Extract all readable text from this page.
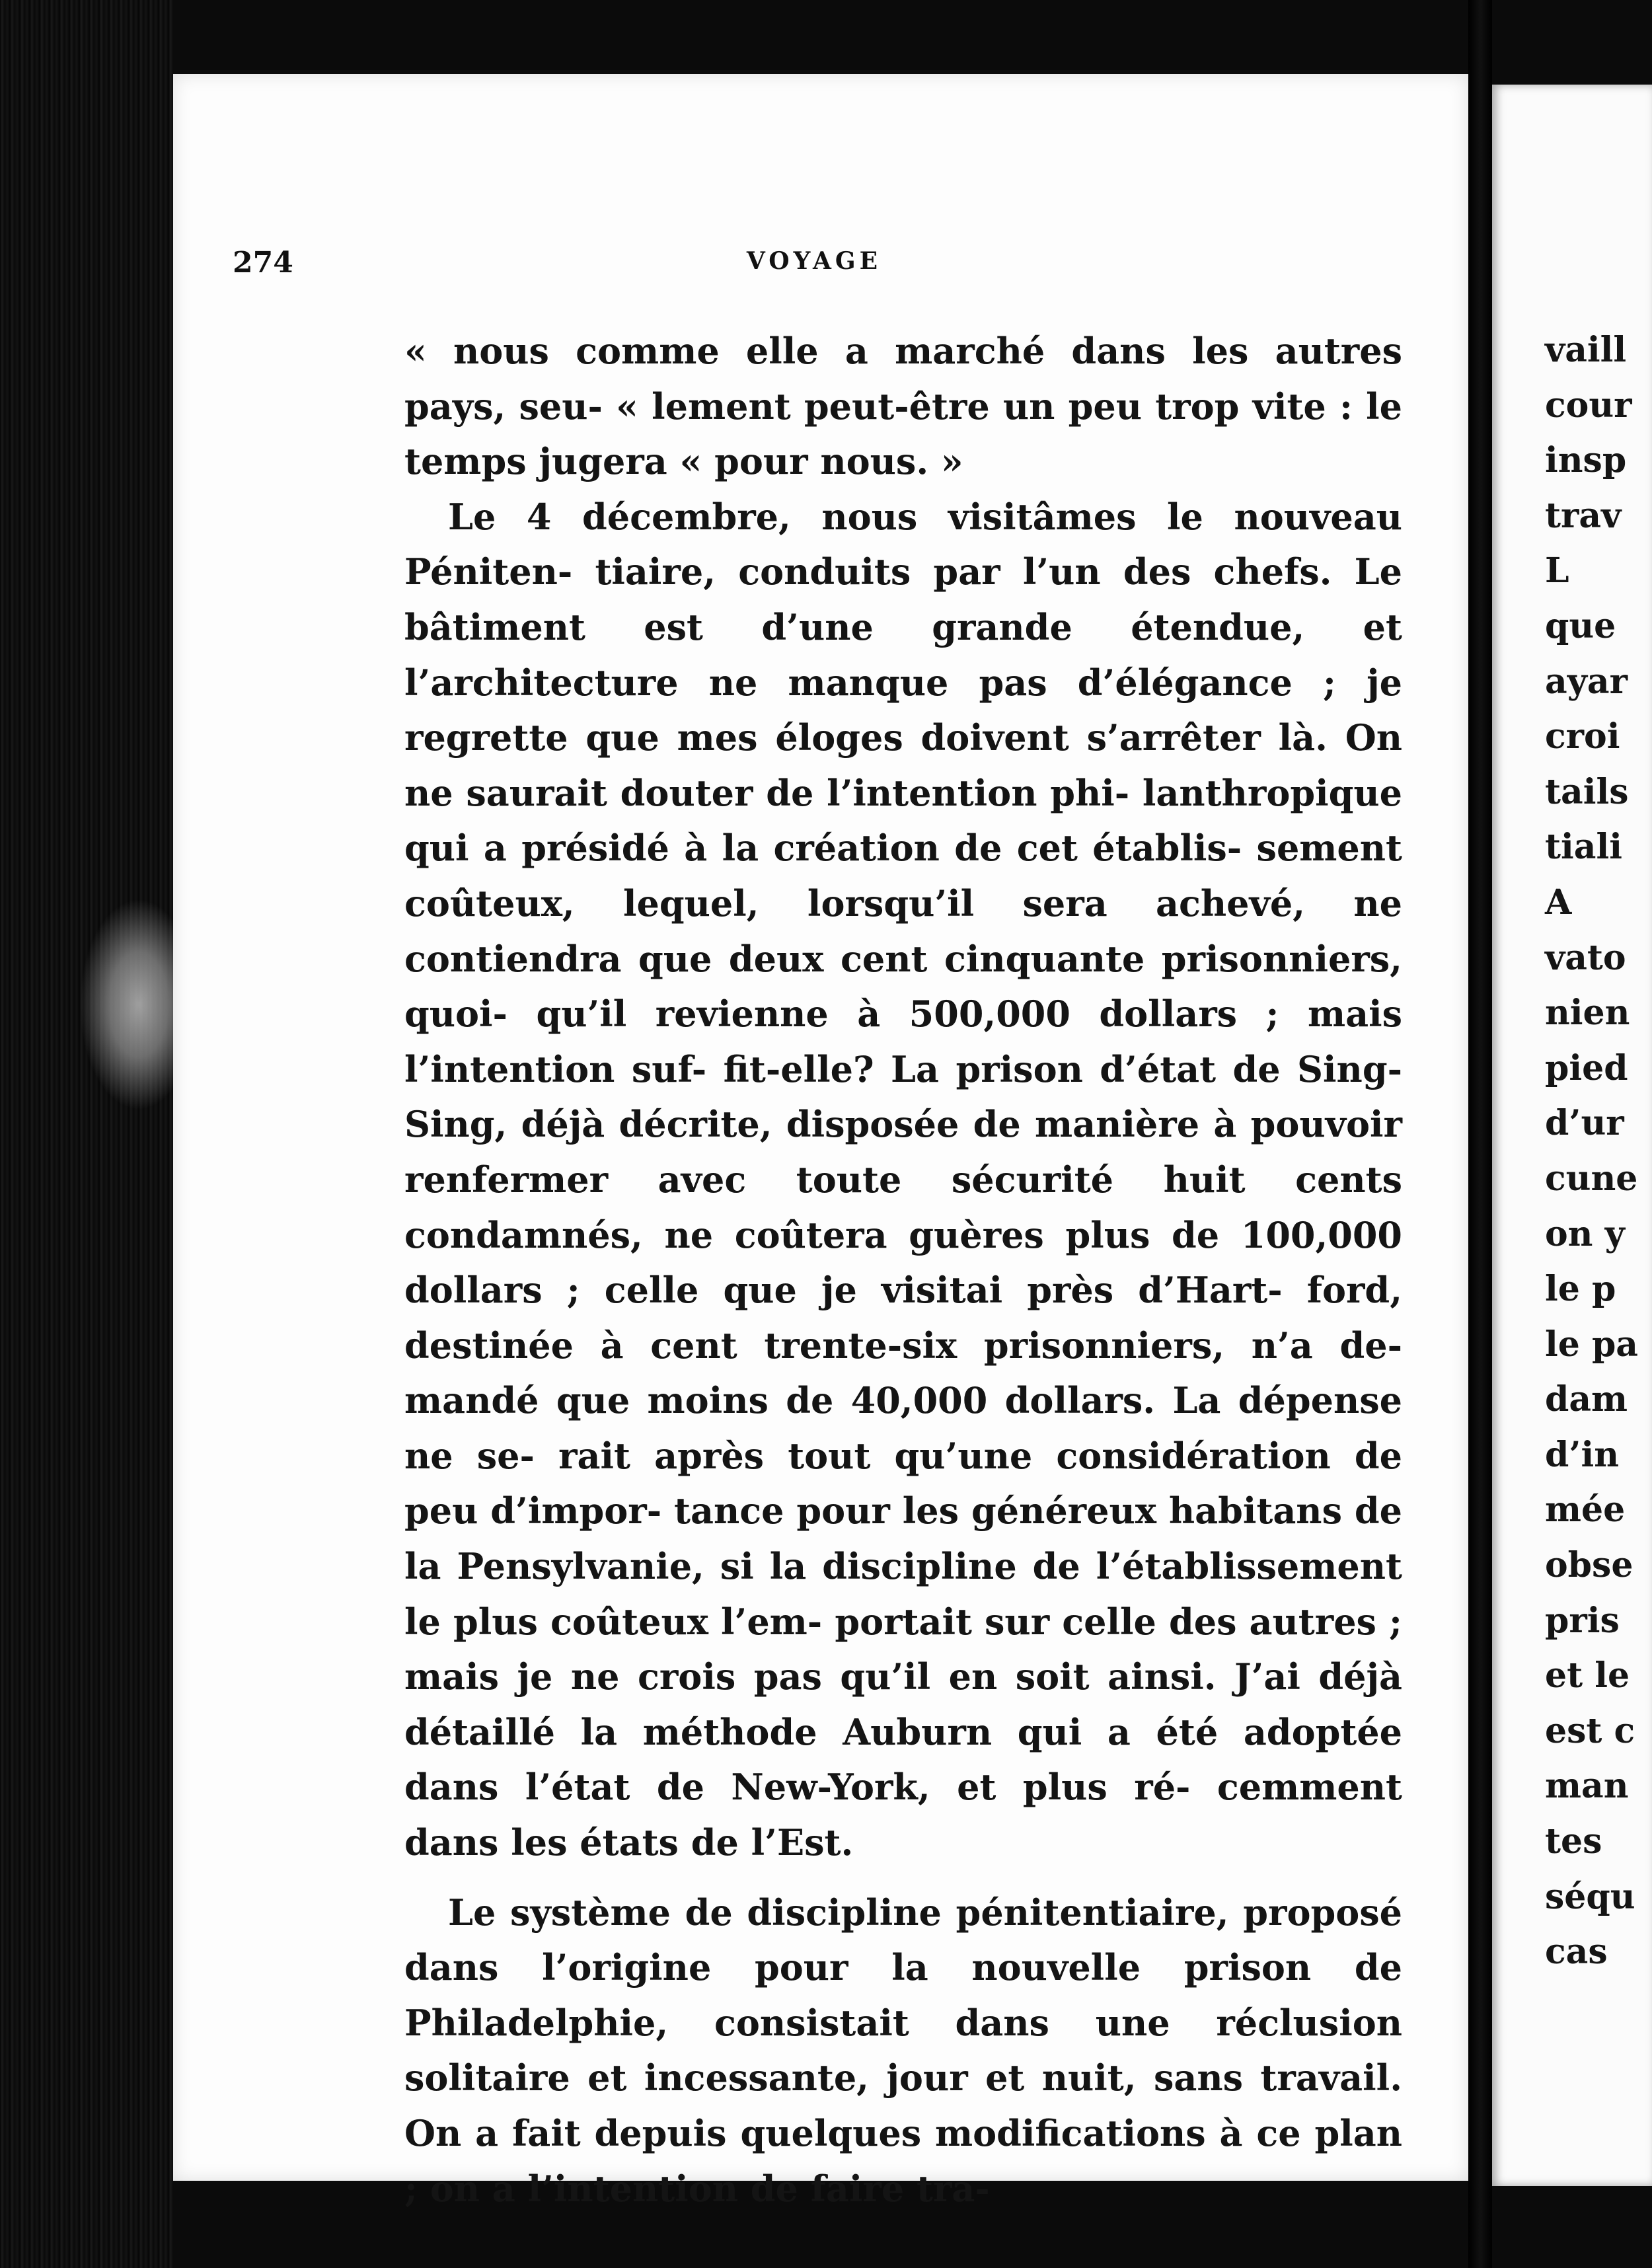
274	VOYAGE

« nous comme elle a marché dans les autres pays, seu- « lement peut-être un peu trop vite : le temps jugera « pour nous. »

Le 4 décembre, nous visitâmes le nouveau Péniten- tiaire, conduits par l’un des chefs. Le bâtiment est d’une grande étendue, et l’architecture ne manque pas d’élégance ; je regrette que mes éloges doivent s’arrêter là. On ne saurait douter de l’intention phi- lanthropique qui a présidé à la création de cet établis- sement coûteux, lequel, lorsqu’il sera achevé, ne contiendra que deux cent cinquante prisonniers, quoi- qu’il revienne à 500,000 dollars ; mais l’intention suf- fit-elle? La prison d’état de Sing-Sing, déjà décrite, disposée de manière à pouvoir renfermer avec toute sécurité huit cents condamnés, ne coûtera guères plus de 100,000 dollars ; celle que je visitai près d’Hart- ford, destinée à cent trente-six prisonniers, n’a de- mandé que moins de 40,000 dollars. La dépense ne se- rait après tout qu’une considération de peu d’impor- tance pour les généreux habitans de la Pensylvanie, si la discipline de l’établissement le plus coûteux l’em- portait sur celle des autres ; mais je ne crois pas qu’il en soit ainsi. J’ai déjà détaillé la méthode Auburn qui a été adoptée dans l’état de New-York, et plus ré- cemment dans les états de l’Est.

Le système de discipline pénitentiaire, proposé dans l’origine pour la nouvelle prison de Philadelphie, consistait dans une réclusion solitaire et incessante, jour et nuit, sans travail. On a fait depuis quelques modifications à ce plan ; on a l’intention de faire tra-

vaill
cour
insp
trav
L
que
ayar
croi
tails
tiali
A
vato
nien
pied
d’ur
cune
on y
le p
le pa
dam
d’in
mée
obse
pris
et le
est c
man
tes
séqu
cas
